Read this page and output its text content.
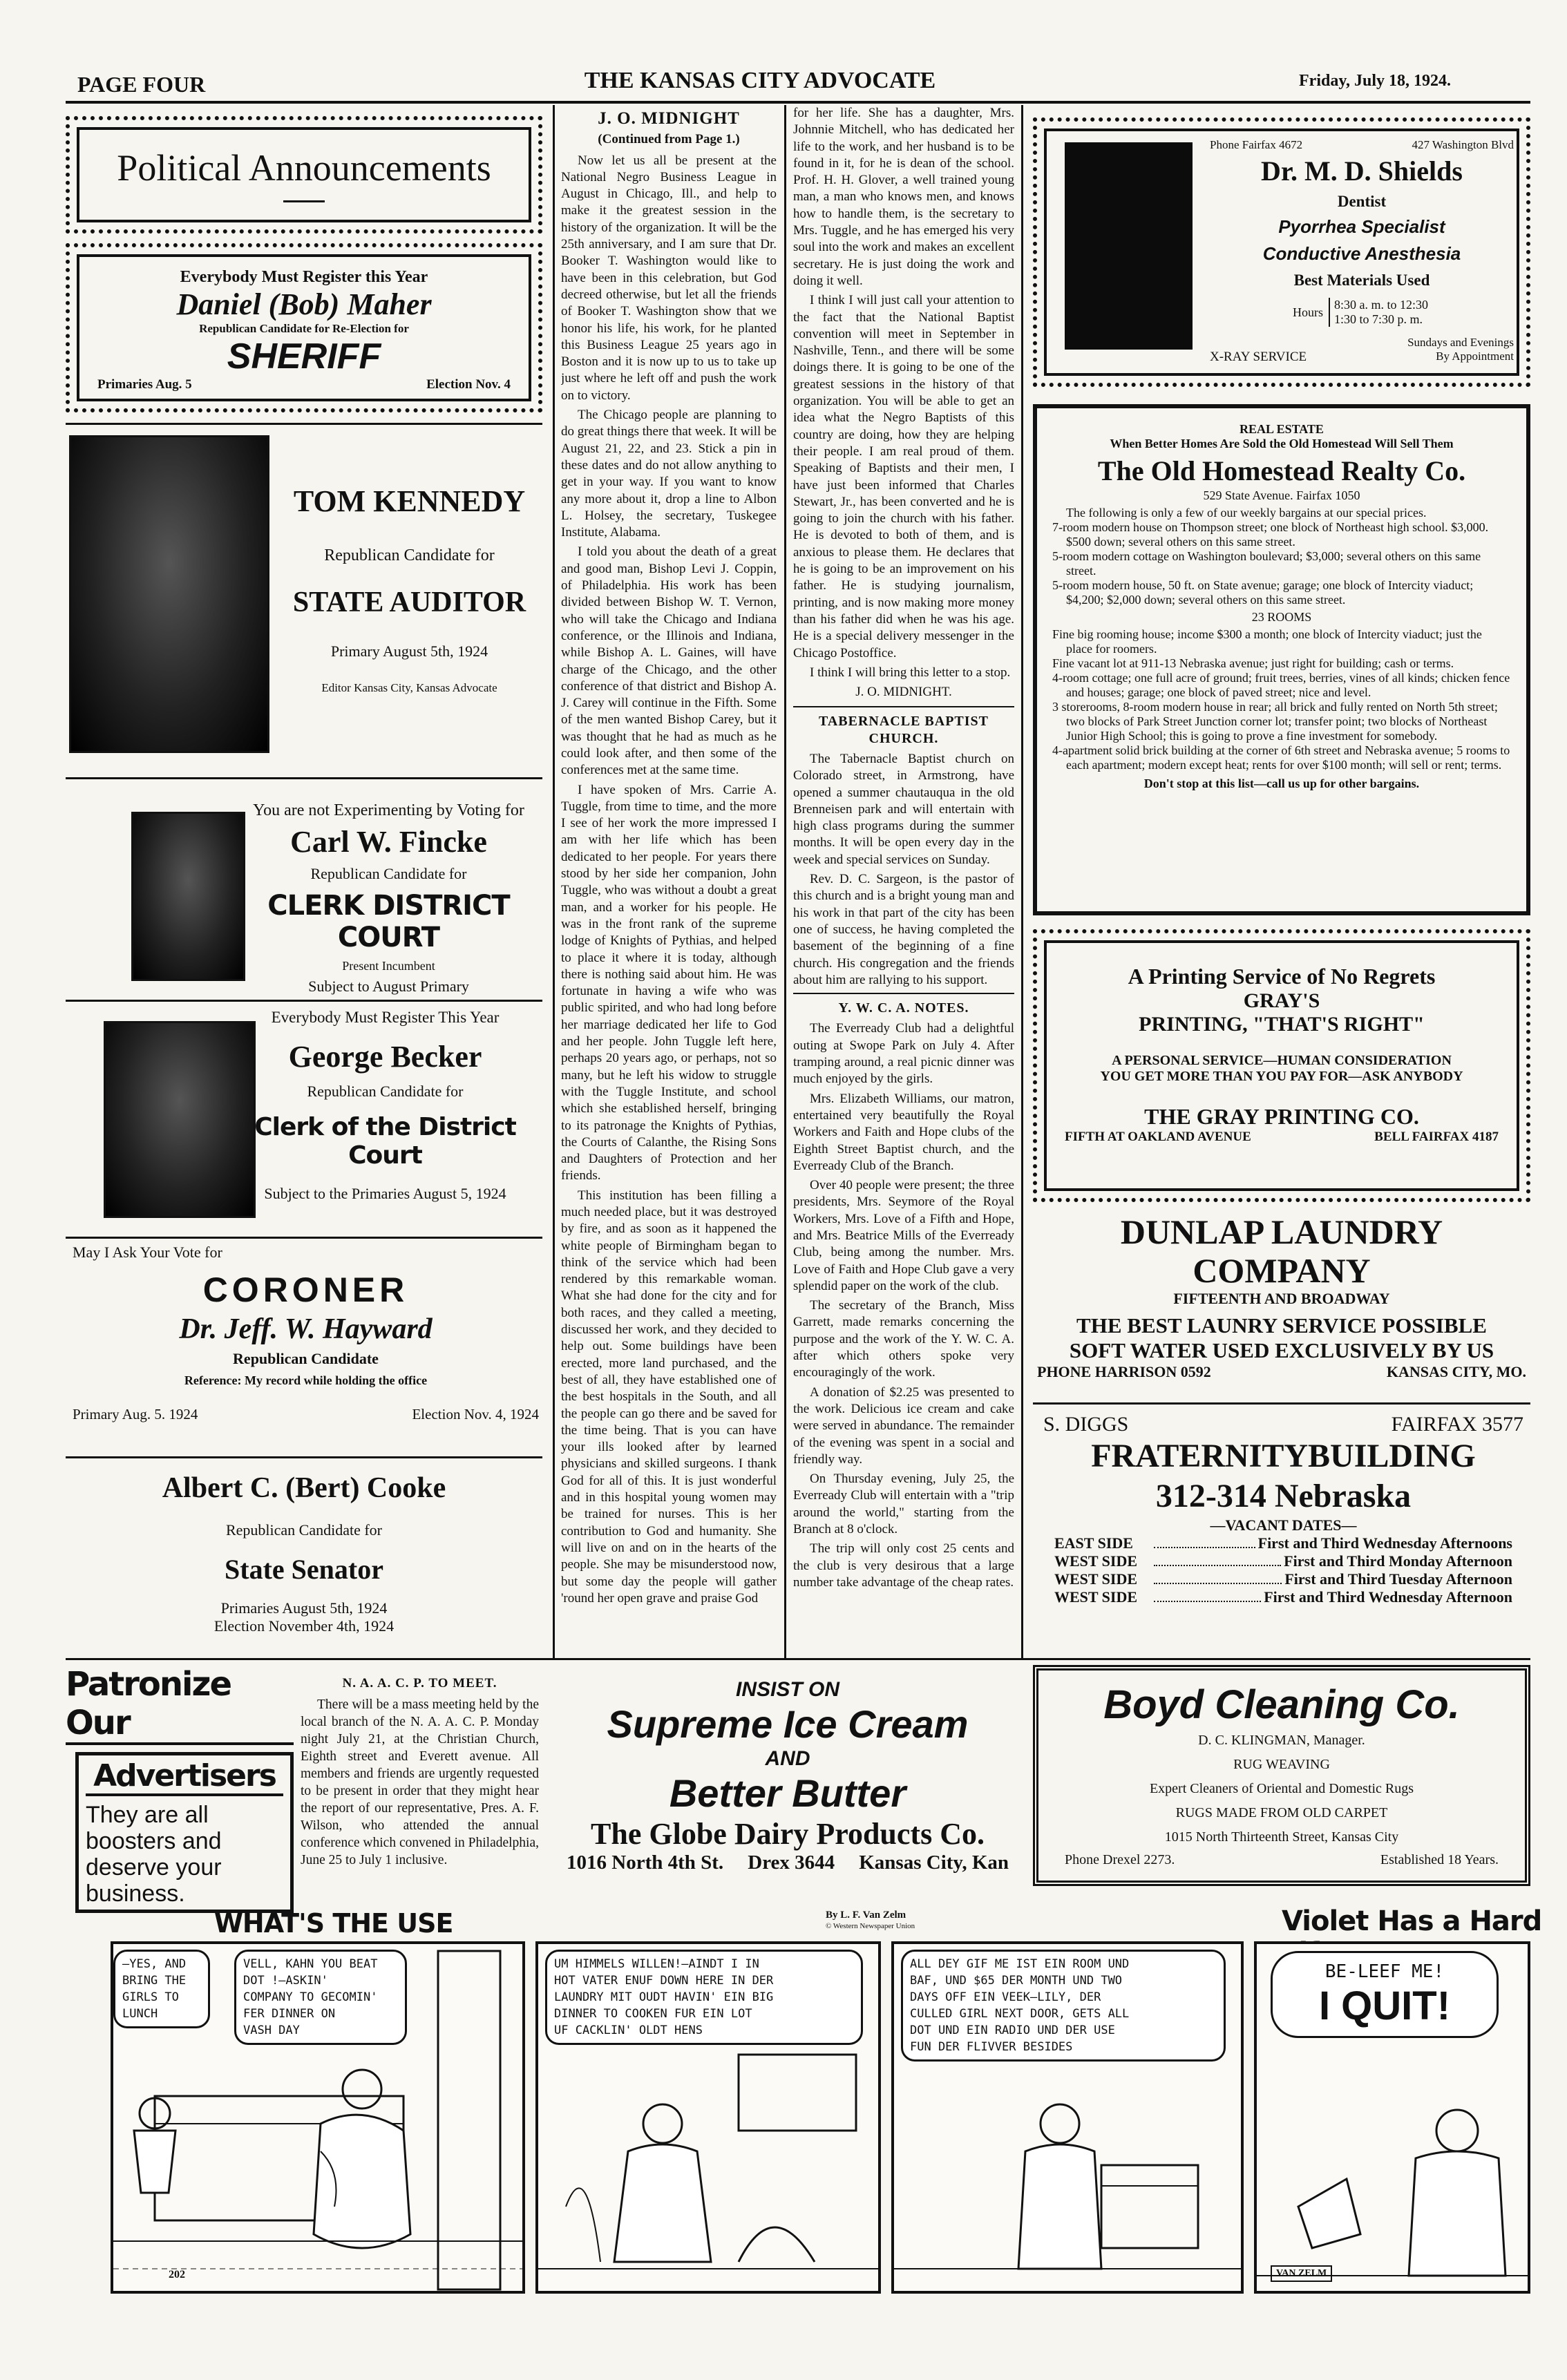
PAGE FOUR	THE KANSAS CITY ADVOCATE	Friday, July 18, 1924.
Political Announcements
Everybody Must Register this Year
Daniel (Bob) Maher
Republican Candidate for Re-Election for
SHERIFF
Primaries Aug. 5	Election Nov. 4
TOM KENNEDY
Republican Candidate for
STATE AUDITOR
Primary August 5th, 1924
Editor Kansas City, Kansas Advocate
You are not Experimenting by Voting for
Carl W. Fincke
Republican Candidate for
CLERK DISTRICT COURT
Present Incumbent
Subject to August Primary
Everybody Must Register This Year
George Becker
Republican Candidate for
Clerk of the District Court
Subject to the Primaries August 5, 1924
May I Ask Your Vote for
CORONER
Dr. Jeff. W. Hayward
Republican Candidate
Reference: My record while holding the office
Primary Aug. 5. 1924	Election Nov. 4, 1924
Albert C. (Bert) Cooke
Republican Candidate for
State Senator
Primaries August 5th, 1924
Election November 4th, 1924
J. O. MIDNIGHT
(Continued from Page 1.)

Now let us all be present at the National Negro Business League in August in Chicago, Ill., and help to make it the greatest session in the history of the organization. It will be the 25th anniversary, and I am sure that Dr. Booker T. Washington would like to have been in this celebration, but God decreed otherwise, but let all the friends of Booker T. Washington show that we honor his life, his work, for he planted this Business League 25 years ago in Boston and it is now up to us to take up just where he left off and push the work on to victory.

The Chicago people are planning to do great things there that week. It will be August 21, 22, and 23. Stick a pin in these dates and do not allow anything to get in your way. If you want to know any more about it, drop a line to Albon L. Holsey, the secretary, Tuskegee Institute, Alabama.

I told you about the death of a great and good man, Bishop Levi J. Coppin, of Philadelphia. His work has been divided between Bishop W. T. Vernon, who will take the Chicago and Indiana conference, or the Illinois and Indiana, while Bishop A. L. Gaines, will have charge of the Chicago, and the other conference of that district and Bishop A. J. Carey will continue in the Fifth. Some of the men wanted Bishop Carey, but it was thought that he had as much as he could look after, and then some of the conferences met at the same time.

I have spoken of Mrs. Carrie A. Tuggle, from time to time, and the more I see of her work the more impressed I am with her life which has been dedicated to her people. For years there stood by her side her companion, John Tuggle, who was without a doubt a great man, and a worker for his people. He was in the front rank of the supreme lodge of Knights of Pythias, and helped to place it where it is today, although there is nothing said about him. He was fortunate in having a wife who was public spirited, and who had long before her marriage dedicated her life to God and her people. John Tuggle left here, perhaps 20 years ago, or perhaps, not so many, but he left his widow to struggle with the Tuggle Institute, and school which she established herself, bringing to its patronage the Knights of Pythias, the Courts of Calanthe, the Rising Sons and Daughters of Protection and her friends.

This institution has been filling a much needed place, but it was destroyed by fire, and as soon as it happened the white people of Birmingham began to think of the service which had been rendered by this remarkable woman. What she had done for the city and for both races, and they called a meeting, discussed her work, and they decided to help out. Some buildings have been erected, more land purchased, and the best of all, they have established one of the best hospitals in the South, and all the people can go there and be saved for the time being. That is you can have your ills looked after by learned physicians and skilled surgeons. I thank God for all of this. It is just wonderful and in this hospital young women may be trained for nurses. This is her contribution to God and humanity. She will live on and on in the hearts of the people. She may be misunderstood now, but some day the people will gather 'round her open grave and praise God

for her life. She has a daughter, Mrs. Johnnie Mitchell, who has dedicated her life to the work, and her husband is to be found in it, for he is dean of the school. Prof. H. H. Glover, a well trained young man, a man who knows men, and knows how to handle them, is the secretary to Mrs. Tuggle, and he has emerged his very soul into the work and makes an excellent secretary. He is just doing the work and doing it well.

I think I will just call your attention to the fact that the National Baptist convention will meet in September in Nashville, Tenn., and there will be some doings there. It is going to be one of the greatest sessions in the history of that organization. You will be able to get an idea what the Negro Baptists of this country are doing, how they are helping their people. I am real proud of them. Speaking of Baptists and their men, I have just been informed that Charles Stewart, Jr., has been converted and he is going to join the church with his father. He is devoted to both of them, and is anxious to please them. He declares that he is going to be an improvement on his father. He is studying journalism, printing, and is now making more money than his father did when he was his age. He is a special delivery messenger in the Chicago Postoffice.

I think I will bring this letter to a stop.

J. O. MIDNIGHT.
TABERNACLE BAPTIST CHURCH.

The Tabernacle Baptist church on Colorado street, in Armstrong, have opened a summer chautauqua in the old Brenneisen park and will entertain with high class programs during the summer months. It will be open every day in the week and special services on Sunday.

Rev. D. C. Sargeon, is the pastor of this church and is a bright young man and his work in that part of the city has been one of success, he having completed the basement of the beginning of a fine church. His congregation and the friends about him are rallying to his support.

Y. W. C. A. NOTES.

The Everready Club had a delightful outing at Swope Park on July 4. After tramping around, a real picnic dinner was much enjoyed by the girls.

Mrs. Elizabeth Williams, our matron, entertained very beautifully the Royal Workers and Faith and Hope clubs of the Eighth Street Baptist church, and the Everready Club of the Branch.

Over 40 people were present; the three presidents, Mrs. Seymore of the Royal Workers, Mrs. Love of a Fifth and Hope, and Mrs. Beatrice Mills of the Everready Club, being among the number. Mrs. Love of Faith and Hope Club gave a very splendid paper on the work of the club.

The secretary of the Branch, Miss Garrett, made remarks concerning the purpose and the work of the Y. W. C. A. after which others spoke very encouragingly of the work.

A donation of $2.25 was presented to the work. Delicious ice cream and cake were served in abundance. The remainder of the evening was spent in a social and friendly way.

On Thursday evening, July 25, the Everready Club will entertain with a "trip around the world," starting from the Branch at 8 o'clock.

The trip will only cost 25 cents and the club is very desirous that a large number take advantage of the cheap rates.

Phone Fairfax 4672	427 Washington Blvd
Dr. M. D. Shields
Dentist
Pyorrhea Specialist
Conductive Anesthesia
Best Materials Used
Hours
8:30 a. m. to 12:30
1:30 to 7:30 p. m.
Sundays and Evenings
By Appointment
X-RAY SERVICE
REAL ESTATE
When Better Homes Are Sold the Old Homestead Will Sell Them
The Old Homestead Realty Co.
529 State Avenue. Fairfax 1050
The following is only a few of our weekly bargains at our special prices.
7-room modern house on Thompson street; one block of Northeast high school. $3,000. $500 down; several others on this same street.
5-room modern cottage on Washington boulevard; $3,000; several others on this same street.
5-room modern house, 50 ft. on State avenue; garage; one block of Intercity viaduct; $4,200; $2,000 down; several others on this same street.
23 ROOMS
Fine big rooming house; income $300 a month; one block of Intercity viaduct; just the place for roomers.
Fine vacant lot at 911-13 Nebraska avenue; just right for building; cash or terms.
4-room cottage; one full acre of ground; fruit trees, berries, vines of all kinds; chicken fence and houses; garage; one block of paved street; nice and level.
3 storerooms, 8-room modern house in rear; all brick and fully rented on North 5th street; two blocks of Park Street Junction corner lot; transfer point; two blocks of Northeast Junior High School; this is going to prove a fine investment for somebody.
4-apartment solid brick building at the corner of 6th street and Nebraska avenue; 5 rooms to each apartment; modern except heat; rents for over $100 month; will sell or rent; terms.
Don't stop at this list—call us up for other bargains.
A Printing Service of No Regrets
GRAY'S
PRINTING, "THAT'S RIGHT"
A PERSONAL SERVICE—HUMAN CONSIDERATION
YOU GET MORE THAN YOU PAY FOR—ASK ANYBODY
THE GRAY PRINTING CO.
FIFTH AT OAKLAND AVENUE	BELL FAIRFAX 4187
DUNLAP LAUNDRY
COMPANY
FIFTEENTH AND BROADWAY
THE BEST LAUNRY SERVICE POSSIBLE
SOFT WATER USED EXCLUSIVELY BY US
PHONE HARRISON 0592	KANSAS CITY, MO.
S. DIGGS	FAIRFAX 3577
FRATERNITYBUILDING
312-314 Nebraska
—VACANT DATES—
EAST SIDE	First and Third Wednesday Afternoons
WEST SIDE	First and Third Monday Afternoon
WEST SIDE	First and Third Tuesday Afternoon
WEST SIDE	First and Third Wednesday Afternoon
Patronize Our
Advertisers
They are all
boosters and
deserve your
business.
N. A. A. C. P. TO MEET.

There will be a mass meeting held by the local branch of the N. A. A. C. P. Monday night July 21, at the Christian Church, Eighth street and Everett avenue. All members and friends are urgently requested to be present in order that they might hear the report of our representative, Pres. A. F. Wilson, who attended the annual conference which convened in Philadelphia, June 25 to July 1 inclusive.

INSIST ON
Supreme Ice Cream
AND
Better Butter
The Globe Dairy Products Co.
1016 North 4th St. Drex 3644 Kansas City, Kan
Boyd Cleaning Co.
D. C. KLINGMAN, Manager.
RUG WEAVING
Expert Cleaners of Oriental and Domestic Rugs
RUGS MADE FROM OLD CARPET
1015 North Thirteenth Street, Kansas City
Phone Drexel 2273.	Established 18 Years.
WHAT'S THE USE	By L. F. Van Zelm
© Western Newspaper Union	Violet Has a Hard
—YES, AND
BRING THE
GIRLS TO
LUNCH
VELL, KAHN YOU BEAT
DOT !—ASKIN'
COMPANY TO GECOMIN'
FER DINNER ON
VASH DAY
202
UM HIMMELS WILLEN!—AINDT I IN
HOT VATER ENUF DOWN HERE IN DER
LAUNDRY MIT OUDT HAVIN' EIN BIG
DINNER TO COOKEN FUR EIN LOT
UF CACKLIN' OLDT HENS
ALL DEY GIF ME IST EIN ROOM UND
BAF, UND $65 DER MONTH UND TWO
DAYS OFF EIN VEEK—LILY, DER
CULLED GIRL NEXT DOOR, GETS ALL
DOT UND EIN RADIO UND DER USE
FUN DER FLIVVER BESIDES
BE-LEEF ME!
I QUIT!
VAN ZELM
